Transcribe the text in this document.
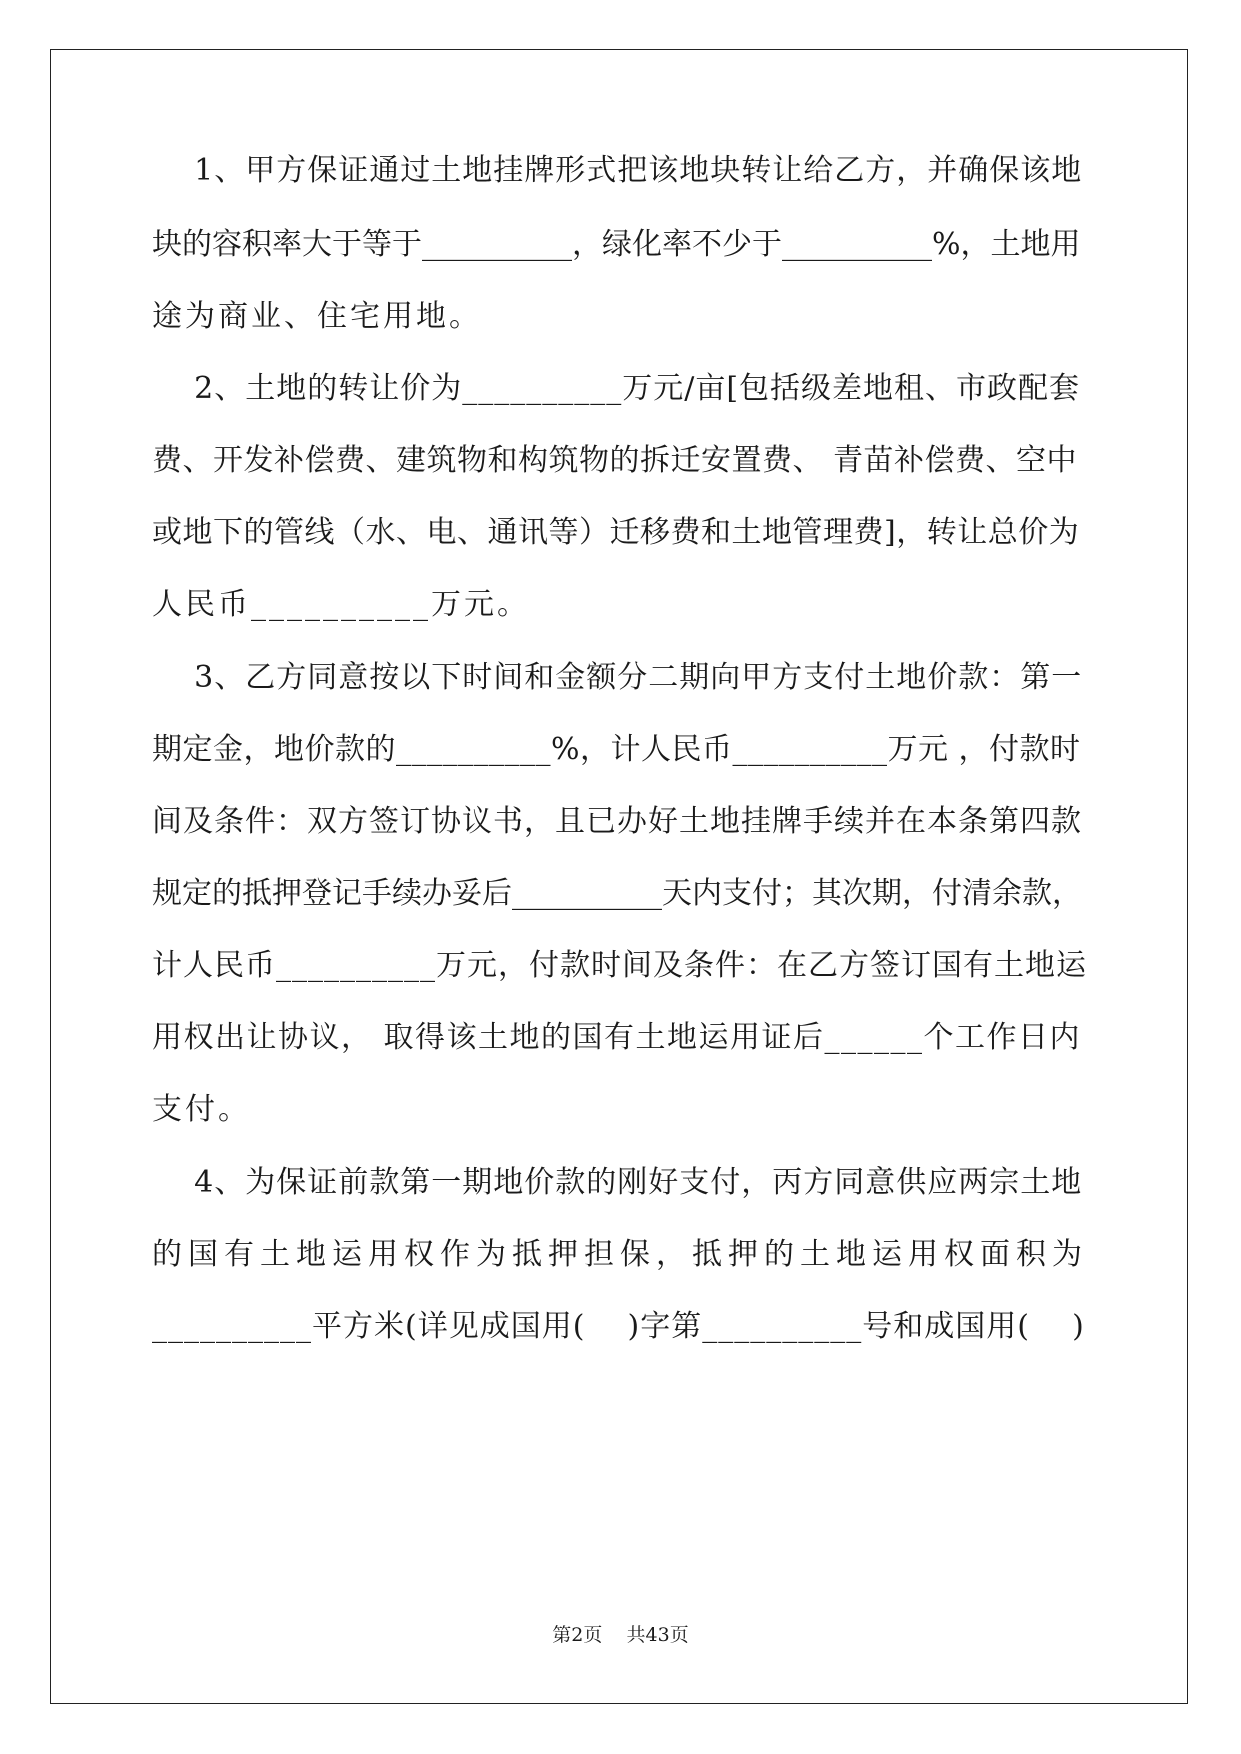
1、甲方保证通过土地挂牌形式把该地块转让给乙方，并确保该地
块的容积率大于等于__________，绿化率不少于__________%，土地用
途为商业、住宅用地。
2、土地的转让价为__________万元/亩[包括级差地租、市政配套
费、开发补偿费、建筑物和构筑物的拆迁安置费、 青苗补偿费、空中
或地下的管线（水、电、通讯等）迁移费和土地管理费]，转让总价为
人民币__________万元。
3、乙方同意按以下时间和金额分二期向甲方支付土地价款：第一
期定金，地价款的__________%，计人民币__________万元 ，付款时
间及条件：双方签订协议书，且已办好土地挂牌手续并在本条第四款
规定的抵押登记手续办妥后__________天内支付；其次期，付清余款，
计人民币__________万元，付款时间及条件：在乙方签订国有土地运
用权出让协议， 取得该土地的国有土地运用证后______个工作日内
支付。
4、为保证前款第一期地价款的刚好支付，丙方同意供应两宗土地
的国有土地运用权作为抵押担保，抵押的土地运用权面积为
__________平方米(详见成国用(    )字第__________号和成国用(    )
第2页    共43页
